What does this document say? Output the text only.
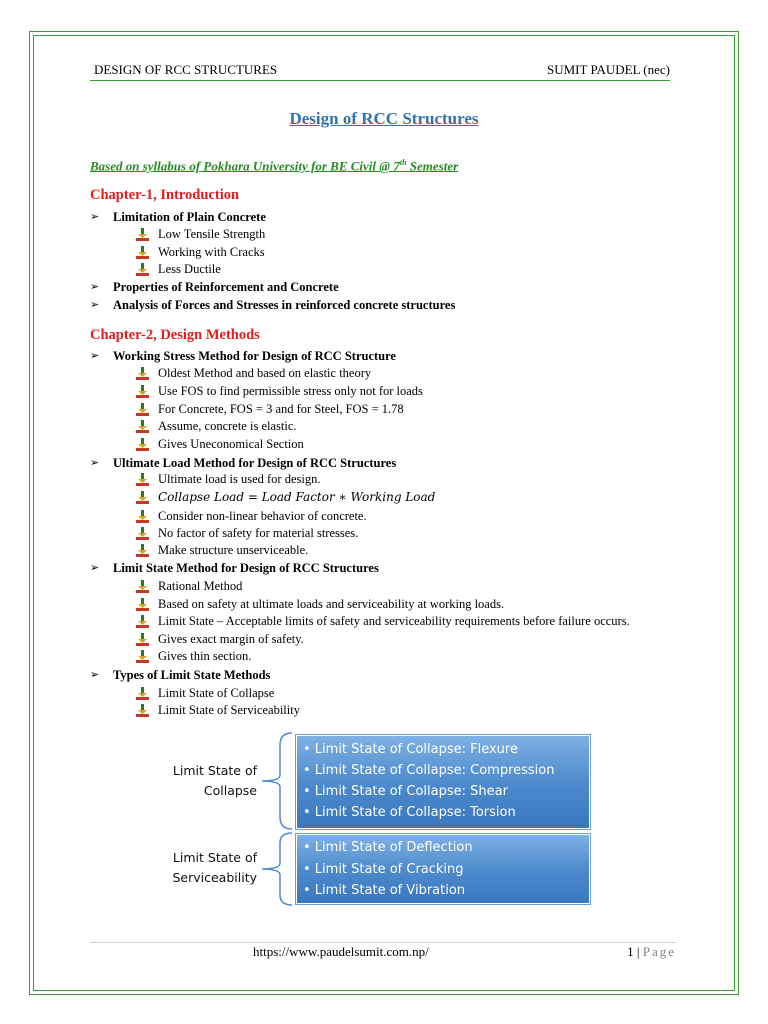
DESIGN OF RCC STRUCTURES	SUMIT PAUDEL (nec)
Design of RCC Structures
Based on syllabus of Pokhara University for BE Civil @ 7th Semester
Chapter-1, Introduction
➢ Limitation of Plain Concrete
Low Tensile Strength
Working with Cracks
Less Ductile
➢ Properties of Reinforcement and Concrete
➢ Analysis of Forces and Stresses in reinforced concrete structures
Chapter-2, Design Methods
➢ Working Stress Method for Design of RCC Structure
Oldest Method and based on elastic theory
Use FOS to find permissible stress only not for loads
For Concrete, FOS = 3 and for Steel, FOS = 1.78
Assume, concrete is elastic.
Gives Uneconomical Section
➢ Ultimate Load Method for Design of RCC Structures
Ultimate load is used for design.
Collapse Load = Load Factor ∗ Working Load
Consider non-linear behavior of concrete.
No factor of safety for material stresses.
Make structure unserviceable.
➢ Limit State Method for Design of RCC Structures
Rational Method
Based on safety at ultimate loads and serviceability at working loads.
Limit State – Acceptable limits of safety and serviceability requirements before failure occurs.
Gives exact margin of safety.
Gives thin section.
➢ Types of Limit State Methods
Limit State of Collapse
Limit State of Serviceability
Limit State of
Collapse
• Limit State of Collapse: Flexure
• Limit State of Collapse: Compression
• Limit State of Collapse: Shear
• Limit State of Collapse: Torsion
Limit State of
Serviceability
• Limit State of Deflection
• Limit State of Cracking
• Limit State of Vibration
https://www.paudelsumit.com.np/	1 | Page
